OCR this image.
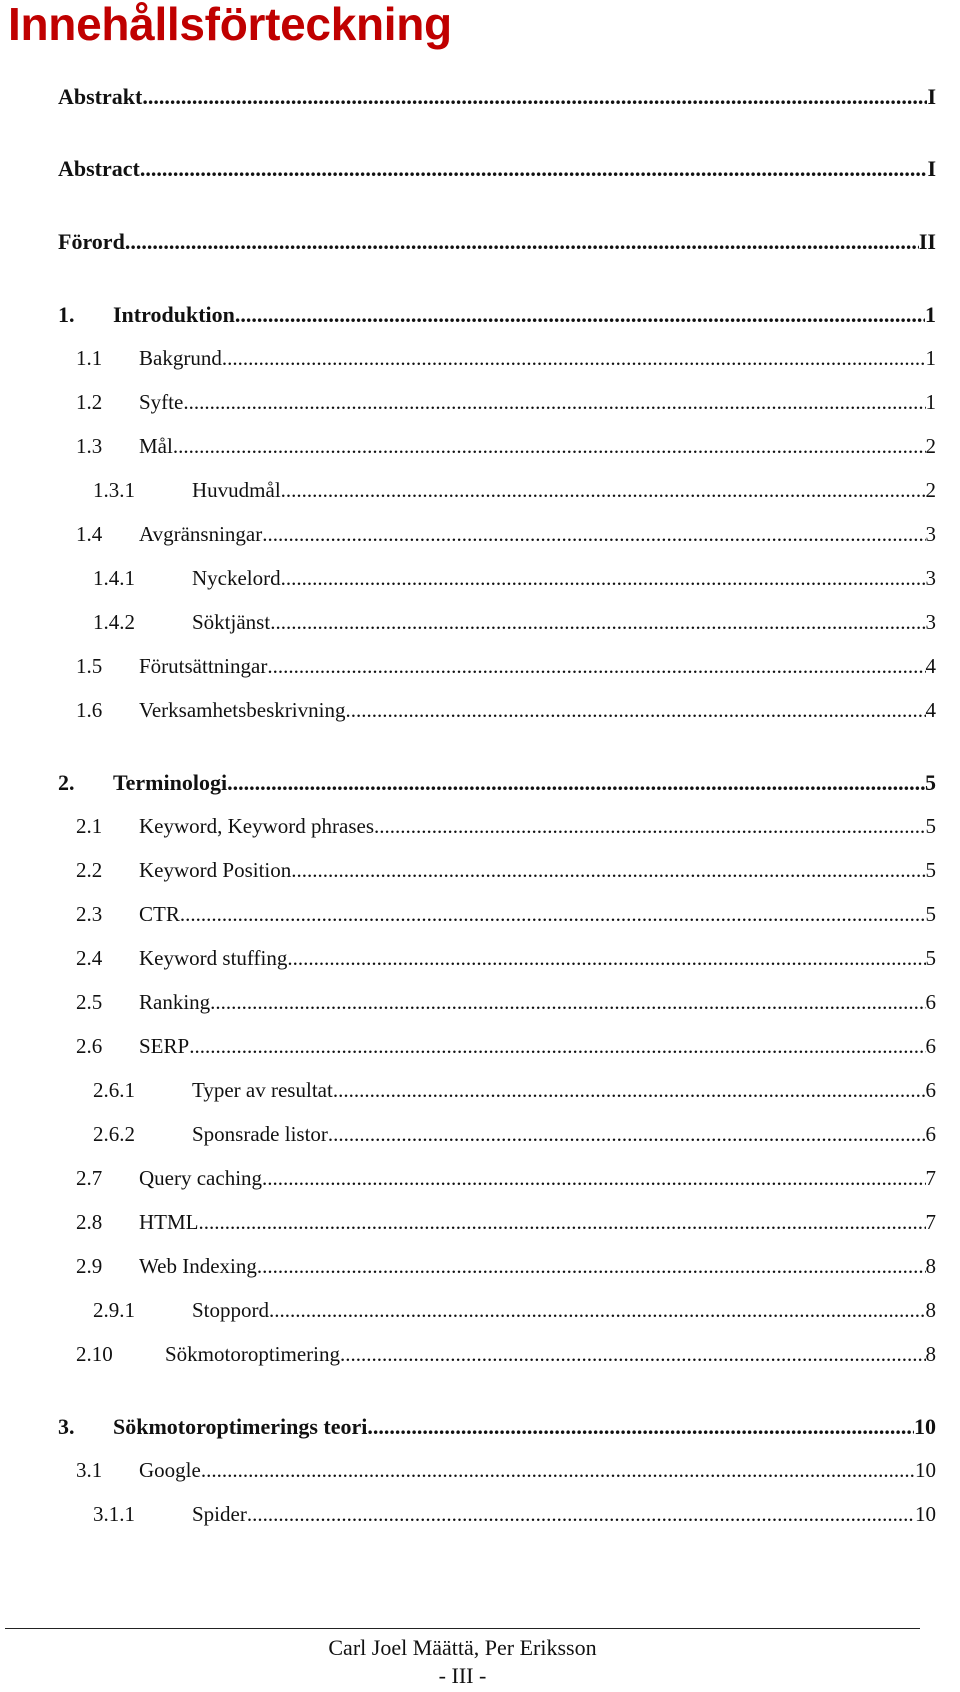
Innehållsförteckning
Abstrakt .....	I
Abstract .....	I
Förord .....	II
1. Introduktion .....	1
1.1 Bakgrund .....	1
1.2 Syfte .....	1
1.3 Mål .....	2
1.3.1	Huvudmål .....	2
1.4 Avgränsningar .....	3
1.4.1	Nyckelord .....	3
1.4.2	Söktjänst .....	3
1.5 Förutsättningar .....	4
1.6 Verksamhetsbeskrivning .....	4
2. Terminologi .....	5
2.1 Keyword, Keyword phrases .....	5
2.2 Keyword Position .....	5
2.3 CTR .....	5
2.4 Keyword stuffing .....	5
2.5 Ranking .....	6
2.6 SERP .....	6
2.6.1	Typer av resultat .....	6
2.6.2	Sponsrade listor .....	6
2.7 Query caching .....	7
2.8 HTML .....	7
2.9 Web Indexing .....	8
2.9.1	Stoppord .....	8
2.10 Sökmotoroptimering .....	8
3. Sökmotoroptimerings teori .....	10
3.1 Google .....	10
3.1.1	Spider .....	10
Carl Joel Määttä, Per Eriksson
- III -
